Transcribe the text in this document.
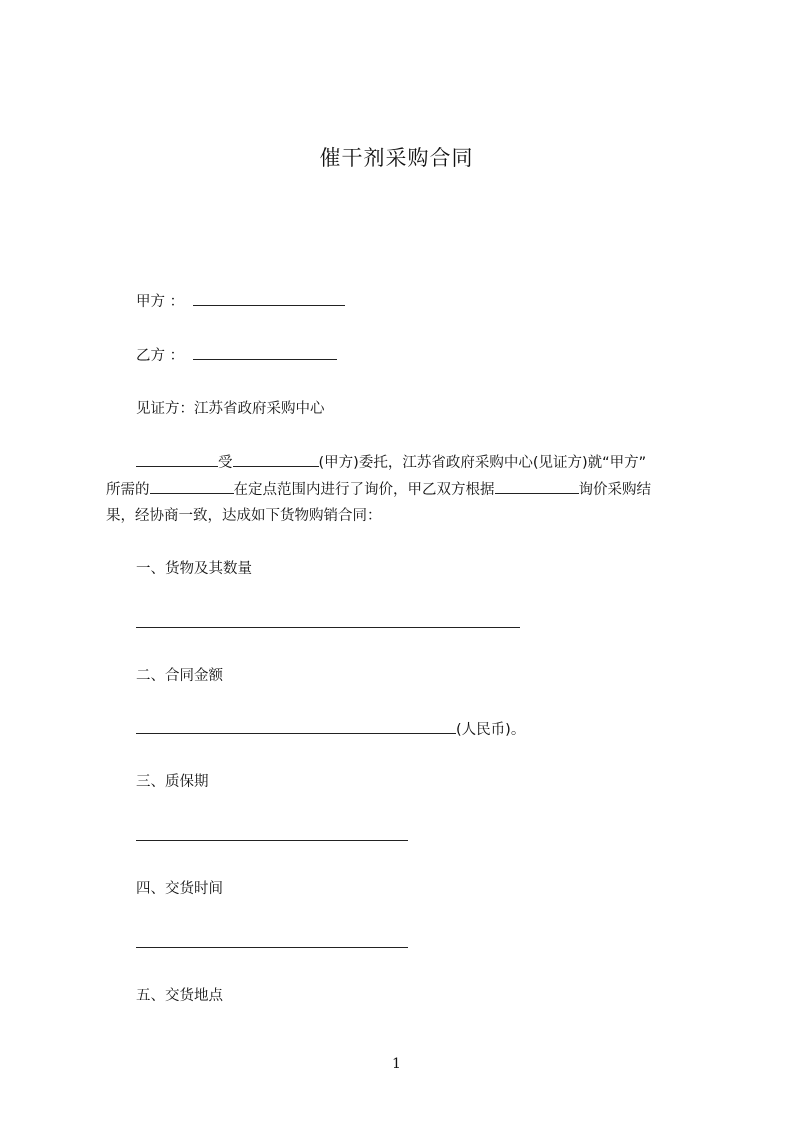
催干剂采购合同
甲方 ：
乙方 ：
见证方：江苏省政府采购中心
受	(甲方)委托，江苏省政府采购中心(见证方)就“甲方”
所需的	在定点范围内进行了询价，甲乙双方根据	询价采购结
果，经协商一致，达成如下货物购销合同：
一、货物及其数量
二、合同金额
(人民币)。
三、质保期
四、交货时间
五、交货地点
1
